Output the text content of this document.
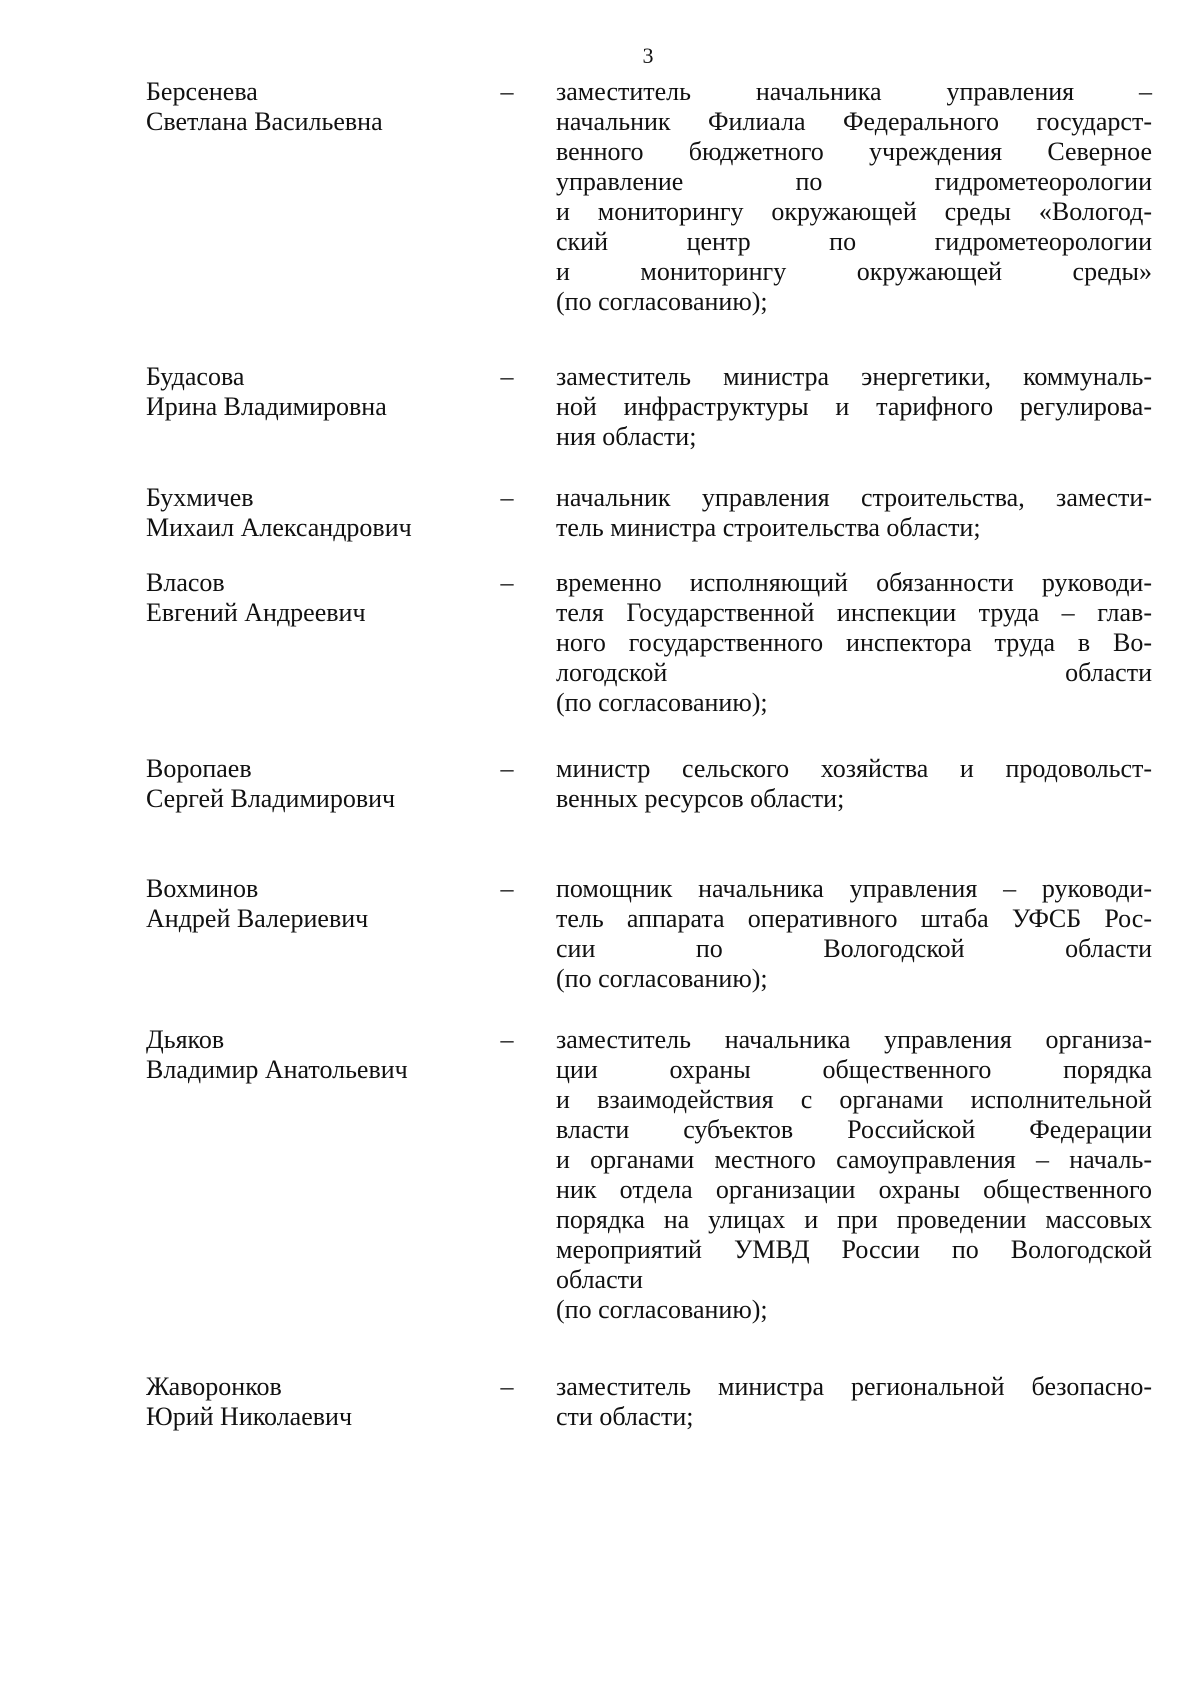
3
Берсенева
Светлана Васильевна
– заместитель начальника управления –
начальник Филиала Федерального государст-
венного бюджетного учреждения Северное
управление по гидрометеорологии
и мониторингу окружающей среды «Вологод-
ский центр по гидрометеорологии
и мониторингу окружающей среды»
(по согласованию);
Будасова
Ирина Владимировна
– заместитель министра энергетики, коммуналь-
ной инфраструктуры и тарифного регулирова-
ния области;
Бухмичев
Михаил Александрович
– начальник управления строительства, замести-
тель министра строительства области;
Власов
Евгений Андреевич
– временно исполняющий обязанности руководи-
теля Государственной инспекции труда – глав-
ного государственного инспектора труда в Во-
логодской области
(по согласованию);
Воропаев
Сергей Владимирович
– министр сельского хозяйства и продовольст-
венных ресурсов области;
Вохминов
Андрей Валериевич
– помощник начальника управления – руководи-
тель аппарата оперативного штаба УФСБ Рос-
сии по Вологодской области
(по согласованию);
Дьяков
Владимир Анатольевич
– заместитель начальника управления организа-
ции охраны общественного порядка
и взаимодействия с органами исполнительной
власти субъектов Российской Федерации
и органами местного самоуправления – началь-
ник отдела организации охраны общественного
порядка на улицах и при проведении массовых
мероприятий УМВД России по Вологодской
области
(по согласованию);
Жаворонков
Юрий Николаевич
– заместитель министра региональной безопасно-
сти области;
